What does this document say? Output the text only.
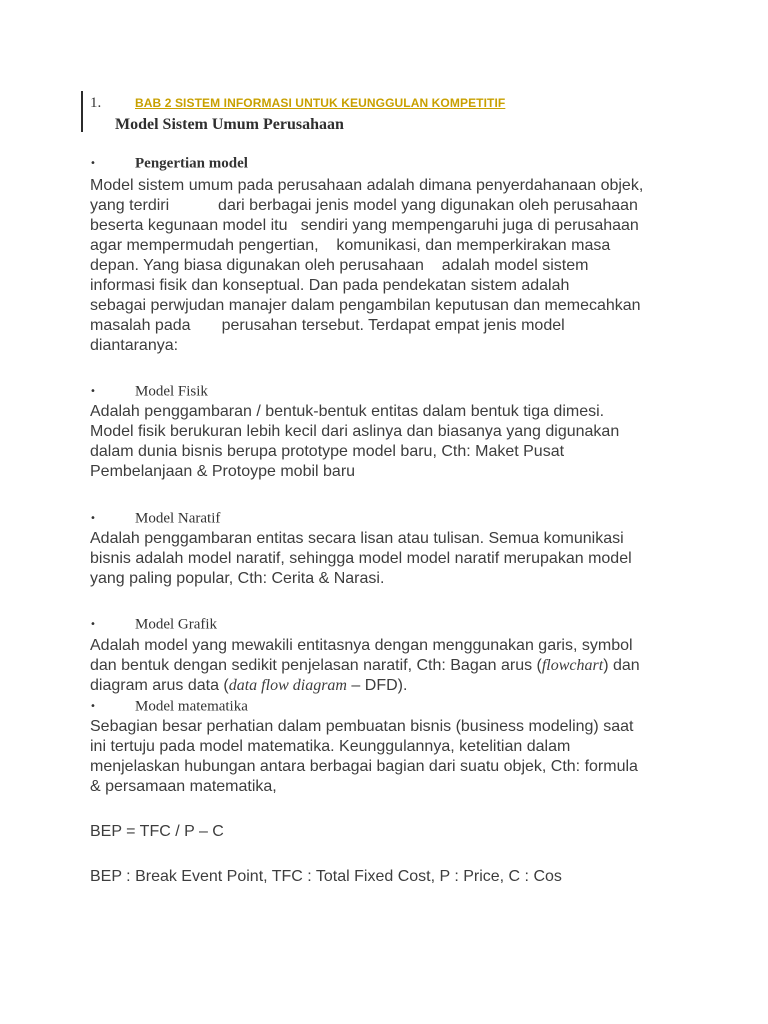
1.	BAB 2 SISTEM INFORMASI UNTUK KEUNGGULAN KOMPETITIF
Model Sistem Umum Perusahaan
•	Pengertian model
Model sistem umum pada perusahaan adalah dimana penyerdahanaan objek,
yang terdiri           dari berbagai jenis model yang digunakan oleh perusahaan
beserta kegunaan model itu   sendiri yang mempengaruhi juga di perusahaan
agar mempermudah pengertian,    komunikasi, dan memperkirakan masa
depan. Yang biasa digunakan oleh perusahaan    adalah model sistem
informasi fisik dan konseptual. Dan pada pendekatan sistem adalah
sebagai perwjudan manajer dalam pengambilan keputusan dan memecahkan
masalah pada       perusahan tersebut. Terdapat empat jenis model
diantaranya:
•	Model Fisik
Adalah penggambaran / bentuk-bentuk entitas dalam bentuk tiga dimesi.
Model fisik berukuran lebih kecil dari aslinya dan biasanya yang digunakan
dalam dunia bisnis berupa prototype model baru, Cth: Maket Pusat
Pembelanjaan & Protoype mobil baru
•	Model Naratif
Adalah penggambaran entitas secara lisan atau tulisan. Semua komunikasi
bisnis adalah model naratif, sehingga model model naratif merupakan model
yang paling popular, Cth: Cerita & Narasi.
•	Model Grafik
Adalah model yang mewakili entitasnya dengan menggunakan garis, symbol
dan bentuk dengan sedikit penjelasan naratif, Cth: Bagan arus (flowchart) dan
diagram arus data (data flow diagram – DFD).
•	Model matematika
Sebagian besar perhatian dalam pembuatan bisnis (business modeling) saat
ini tertuju pada model matematika. Keunggulannya, ketelitian dalam
menjelaskan hubungan antara berbagai bagian dari suatu objek, Cth: formula
& persamaan matematika,
BEP = TFC / P – C
BEP : Break Event Point, TFC : Total Fixed Cost, P : Price, C : Cos
